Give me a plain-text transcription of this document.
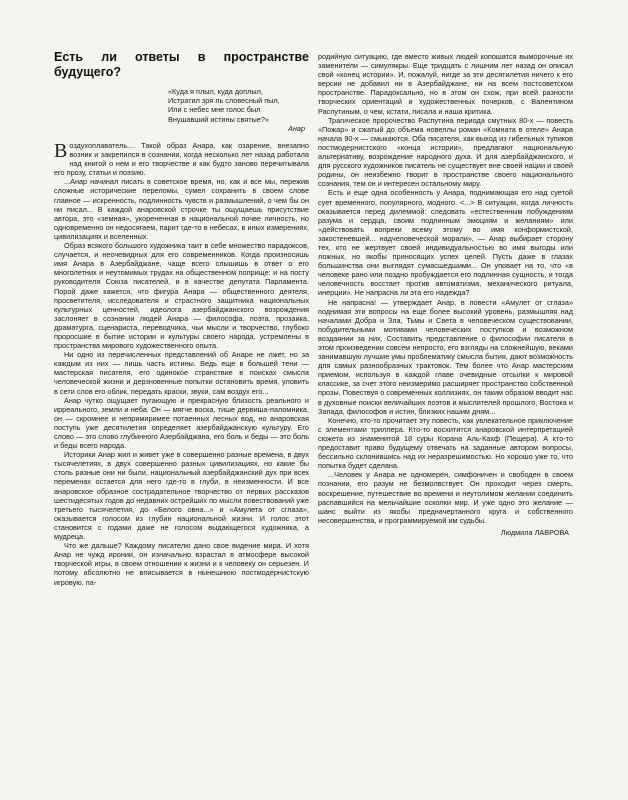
Есть ли ответы в пространстве будущего?
«Куда я плыл, куда доплыл,
Истратил зря ль словесный пыл,
Или с небес мне голос был
Внушавший истины святые?»
Анар

Воздухоплаватель.... Такой образ Анара, как озарение, внезапно возник и закрепился в сознании, когда несколько лет назад работала над книгой о нем и его творчестве и как будто заново перечитывала его прозу, статьи и поэзию.

...Анар начинал писать в советское время, но, как и все мы, пережив сложные исторические переломы, сумел сохранить в своем слове главное — искренность, подлинность чувств и размышлений, о чем бы он ни писал... В каждой анаровской строчке ты ощущаешь присутствие автора, это «земная», укорененная в национальной почве личность, но одновременно он недосягаем, парит где-то в небесах, в иных измерениях, цивилизациях и вселенных.

Образ всякого большого художника таит в себе множество парадоксов, случается, и неочевидных для его современников. Когда произносишь имя Анара в Азербайджане, чаще всего слышишь в ответ о его многолетних и неутомимых трудах на общественном поприще: и на посту руководителя Союза писателей, и в качестве депутата Парламента. Порой даже кажется, что фигура Анара — общественного деятеля, просветителя, исследователя и страстного защитника национальных культурных ценностей, идеолога азербайджанского возрождения заслоняет в сознании людей Анара — философа, поэта, прозаика, драматурга, сценариста, переводчика, чьи мысли и творчество, глубоко проросшие в бытие истории и культуры своего народа, устремлены в пространства мирового художественного опыта.

Ни одно из перечисленных представлений об Анаре не лжет, но за каждым из них — лишь часть истины. Ведь еще в большей тени — мастерская писателя, его одинокое странствие в поисках смысла человеческой жизни и дерзновенные попытки остановить время, уловить в сети слов его облик, передать краски, звуки, сам воздух его...

Анар чутко ощущает пугающую и прекрасную близость реального и ирреального, земли и неба. Он — мягче воска, тише дервиша-паломника, он — скромнее и непримиримее потаенных лесных вод, но анаровская поступь уже десятилетия определяет азербайджанскую культуру. Его слово — это слово глубинного Азербайджана, его боль и беды — это боль и беды всего народа.

Историки Анар жил и живет уже в совершенно разные времена, в двух тысячелетиях, в двух совершенно разных цивилизациях, но какие бы столь разные они ни были, национальный азербайджанский дух при всех переменах остается для него где-то в глуби, в неизменности. И все анаровское образное сострадательное творчество от первых рассказов шестидесятых годов до недавних острейших по мысли повествований уже третьего тысячелетия, до «Белого овна...» и «Амулета от сглаза», оказывается голосом из глубин национальной жизни. И голос этот становится с годами даже не голосом выдающегося художника, а мудреца.

Что же дальше? Каждому писателю дано свое видение мира. И хотя Анар не чужд иронии, он изначально взрастал в атмосфере высокой творческой игры, в своем отношении к жизни и к человеку он серьезен. И потому абсолютно не вписывается в нынешнюю постмодернистскую игровую, па-

родийную ситуацию, где вместо живых людей копошатся выморочные их заменители — симулякры. Еще тридцать с лишним лет назад он описал свой «конец истории». И, пожалуй, нигде за эти десятилетия ничего к его версии не добавил ни в Азербайджане, ни на всем постсоветском пространстве. Парадоксально, но в этом он схож, при всей разности творческих ориентаций и художественных почерков, с Валентином Распутиным, о чем, кстати, писала и наша критика.

Трагическое пророчество Распутина периода смутных 80-х — повесть «Пожар» и сжатый до объема новеллы роман «Комната в отеле» Анара начала 90-х — смыкаются. Оба писателя, как выход из гибельных тупиков постмодернистского «конца истории», предлагают национальную альтернативу, возрождение народного духа. И для азербайджанского, и для русского художников писатель не существует вне своей нации и своей родины, он неизбежно творит в пространстве своего национального сознания, тем он и интересен остальному миру.

Есть и еще одна особенность у Анара, поднимающая его над суетой сует временного, популярного, модного. <...> В ситуации, когда личность оказывается перед дилеммой: следовать «естественным побуждениям разума и сердца, своим подлинным эмоциям и желаниям» или «действовать вопреки всему этому во имя конформистской, закостеневшей... надчеловеческой морали», — Анар выбирает сторону тех, кто не жертвует своей индивидуальностью во имя выгоды или ложных, но якобы приносящих успех целей. Пусть даже в глазах большинства они выглядят сумасшедшими... Он уповает на то, что «в человеке рано или поздно пробуждается его подлинная сущность, и тогда человечность восстает против автоматизма, механического ритуала, инерции». Не напрасна ли эта его надежда?

Не напрасна! — утверждает Анар, в повести «Амулет от сглаза» поднимая эти вопросы на еще более высокий уровень, размышляя над началами Добра и Зла, Тьмы и Света в человеческом существовании, побудительными мотивами человеческих поступков и возможном воздаянии за них. Составить представление о философии писателя в этом произведении совсем непросто, его взгляды на сложнейшую, веками занимавшую лучшие умы проблематику смысла бытия, дают возможность для самых разнообразных трактовок. Тем более что Анар мастерским приемом, используя в каждой главе очевидные отсылки к мировой классике, за счет этого неизмеримо расширяет пространство собственной прозы. Повествуя о современных коллизиях, он таким образом вводит нас в духовные поиски величайших поэтов и мыслителей прошлого, Востока и Запада, философов и истин, близких нашим дням...

Конечно, кто-то прочитает эту повесть, как увлекательное приключение с элементами триллера. Кто-то восхитится анаровской интерпретацией сюжета из знаменитой 18 суры Корана Аль-Кахф (Пещера). А кто-то предоставит право будущему отвечать на заданные автором вопросы, бессильно склонившись над их неразрешимостью. Но хорошо уже то, что попытка будет сделана.

...Человек у Анара не одномерен, симфоничен и свободен в своем познании, его разум не безмолвствует. Он проходит через смерть, воскрешение, путешествие во времени и неутолимом желании соединить распавшийся на мельчайшие осколки мир. И уже одно это желание — шанс выйти из якобы предначертанного круга и собственного несовершенства, и программируемой им судьбы.

Людмила ЛАВРОВА
